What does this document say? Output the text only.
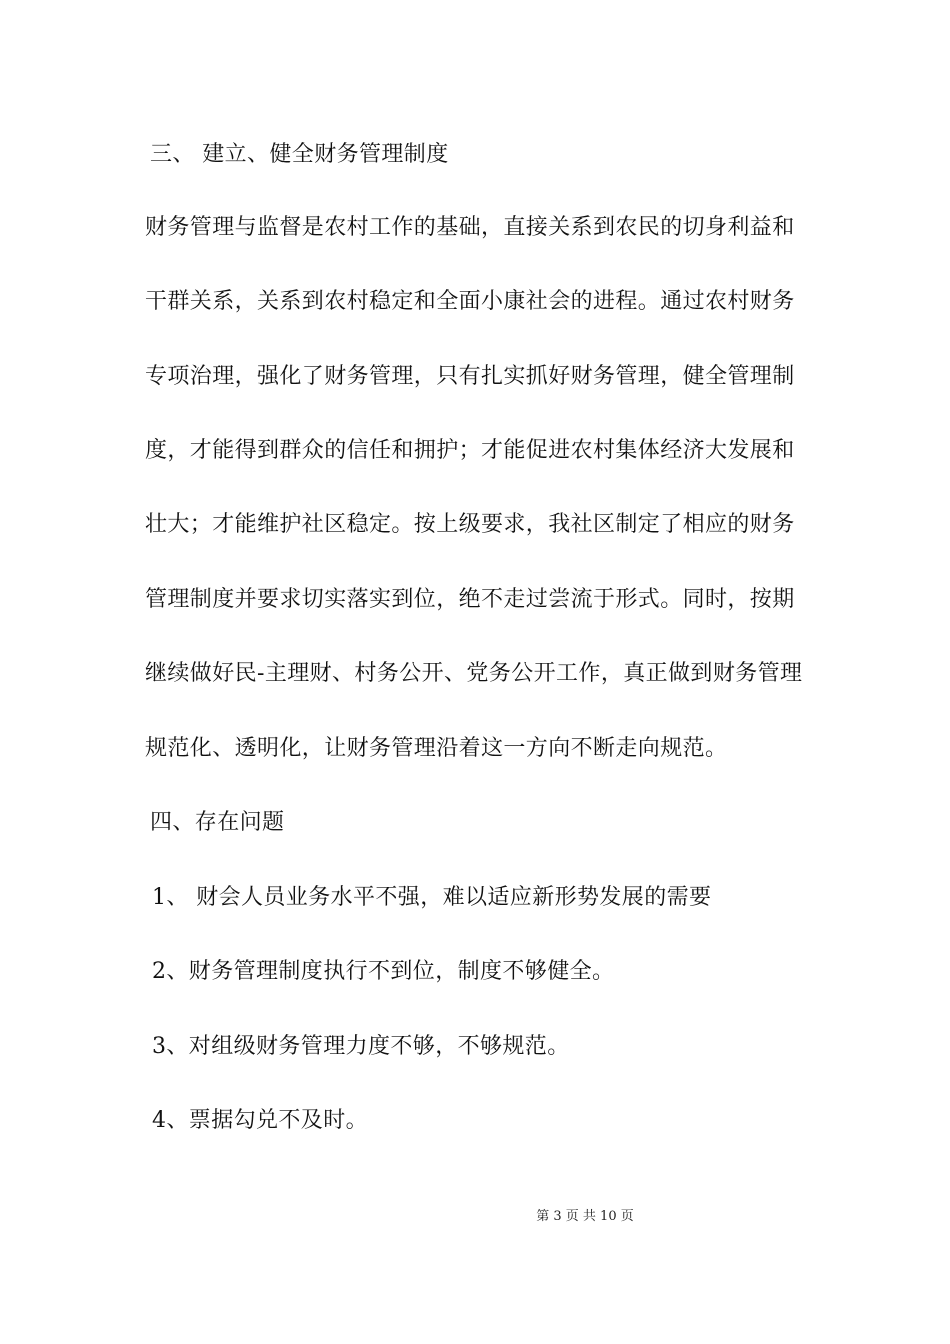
三、 建立、健全财务管理制度
财务管理与监督是农村工作的基础，直接关系到农民的切身利益和
干群关系，关系到农村稳定和全面小康社会的进程。通过农村财务
专项治理，强化了财务管理，只有扎实抓好财务管理，健全管理制
度，才能得到群众的信任和拥护；才能促进农村集体经济大发展和
壮大；才能维护社区稳定。按上级要求，我社区制定了相应的财务
管理制度并要求切实落实到位，绝不走过尝流于形式。同时，按期
继续做好民-主理财、村务公开、党务公开工作，真正做到财务管理
规范化、透明化，让财务管理沿着这一方向不断走向规范。
四、存在问题
1、 财会人员业务水平不强，难以适应新形势发展的需要
2、财务管理制度执行不到位，制度不够健全。
3、对组级财务管理力度不够，不够规范。
4、票据勾兑不及时。
第 3 页 共 10 页
